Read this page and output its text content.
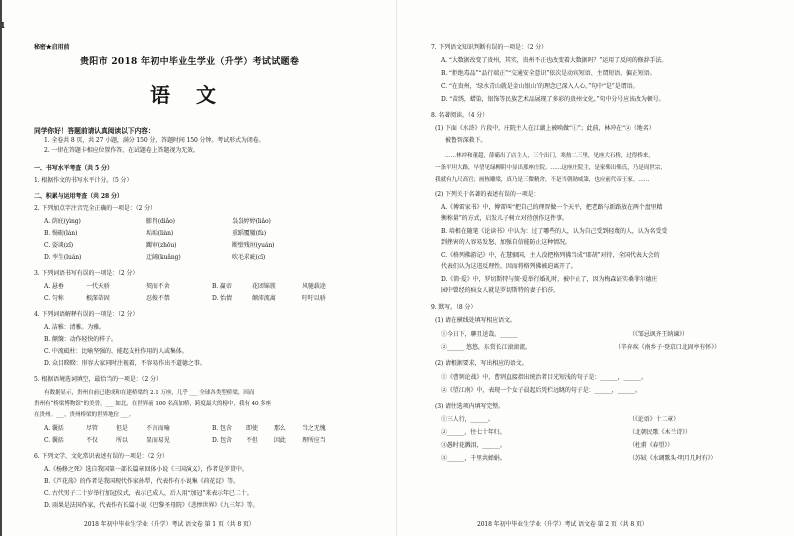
1
秘密★启用前
贵阳市 2018 年初中毕业生学业（升学）考试试题卷
语文
同学你好！答题前请认真阅读以下内容：
1. 全卷共 8 页，共 27 小题，满分 150 分，答题时间 150 分钟。考试形式为闭卷。
2. 一律在答题卡相应位置作答，在试题卷上答题视为无效。
一、书写水平考查（共 5 分）
1. 根据作文的书写水平计分。（5 分）
二、积累与运用考查（共 28 分）
2. 下列加点字注音完全正确的一项是：（2 分）
A. 荫庇(yìng)	膨肖(diǎo)	袅袅婷婷(liǎo)
B. 惕砺(lán)	垢垢(liàn)	重蹈覆辙(fù)
C. 姿谈(zǐ)	躅审(zhōu)	断壁残垣(yuán)
D. 孪生(luán)	迂阔(kuǎng)	吹毛求疵(cī)
3. 下列词语书写有误的一项是：（2 分）
A. 悬垂	一代天骄	契而不舍	B. 赢帝	花团锦簇	风驰载途
C. 匀称	根深蒂固	忍俊不禁	D. 怡情	颠沛流离	吁吁以骄
4. 下列词语解释有误的一项是：（2 分）
A. 洁雅：清雅。为雅。
B. 颠簸：动作轻快的样子。
C. 中流砥柱：比喻坚强的、能起支柱作用的人或集体。
D. 众目睽睽：形容大家同时注视着，不容易作出不道德之事。
5. 根据语境选词填空，最恰当的一项是：（2 分）
有数据显示，贵州自前已建成和在建桥梁约 2.1 万座，儿乎 ___ 全球各类型桥梁，因而
贵州有“桥梁博物馆”的美誉。___ 如北，在世界前 100 名高加桥，跨度最大的榜中，我有 40 多座
在贵州。___，贵州桥梁的世界地位 ___。
A. 囊括	尽管	但是	不言而喻	B. 包含 即使	那么	当之无愧
C. 囊括	不仅	所以	显而易见	D. 包含 不但	因此	理所应当
6. 下列文学、文化常识表述有误的一项是：（2 分）
A.《杨修之死》选自我国第一部长篇章回体小说《三国演义》，作者是罗贯中。
B.《芦花荡》的作者是我国现代作家孙犁，代表作有小说集《荷花淀》等。
C. 古代男子二十岁举行加冠仪式，表示已成人，后人用“加冠”来表示年已二十。
D. 雨果是法国作家，代表作有长篇小说《巴黎圣母院》《悲惨世界》《九三年》等。
2018 年初中毕业生学业（升学）考试 语文卷 第 1 页（共 8 页）
7. 下列语文知识判断有误的一项是：（2 分）
A. “大数据改变了贵州，其实，贵州不正也改变着大数据吗？”运用了反问的修辞手法。
B. “拒绝毒品”“品行端正”“交通安全意识”依次是动宾短语、主谓短语、偏正短语。
C. “在贵州，‘绿水青山就是金山银山’的理念已深入人心。”句中“是”是谓语。
D. “苗绣，蜡染，银饰等民族艺术品展现了多彩的贵州文化。”句中分号应该改为顿号。
8. 名著阅读。（4 分）
(1) 下面《水浒》片段中，庄院主人在江湖上被唤做“①”；此前，林冲在“②（地名）
被鲁智深救下。
……林冲和董超，薛霸出了店主人，三个出门，寒热二三里，见座大石桥，过得桥来，
一条平坦大路，早望见绿柳阴中显出那座庄院。……这座庄院主，是家柴出柴氏，乃是周世宗，
我就有九尺高官；画栋雕梁，真乃是三微精舍，不是当朝勋威第，也应前代帝王家。……
(2) 下列关于名著的表述有误的一项是：
A.《傅雷家书》中，傅雷叫“把自己的理智做一个天平，把老路与新路放在两个盘里精
衡称量”的方式，启发儿子树立对待创作这件事。
B. 培根在随笔《论读书》中认为：过了哪些的人，认为自己受到轻蔑的人，认为名受受
到挫害的人容易发怒，加强自信能防止这种情况。
C.《格列佛游记》中，在慧骃国，主人没把格列佛当成“耶胡”对待，全国代表大会的
代表们认为这违反理性，因而将格列佛被迫离开了。
D.《简·爱》中，罗切斯特与简·爱举行婚礼时，被中止了，因为梅森证实桑菲尔德庄
园中曾经的疯女人就是罗切斯特的妻子伯莎。
9. 默写。（8 分）
(1) 请在横线处填写相应语文。
①今日下，聊且送哉。______	（《邹忌讽齐王纳谏》）
②______ 悠悠，东赏长江滚滚流。	（辛弃疾《南乡子·登京口北固亭有怀》）
(2) 请根据要求，写出相应的语文。
①《曹刿论战》中，曹刿直接指出统治者目光短浅的句子是：______，______。
②《望江南》中，表现一个女子晨起后凭栏远眺的句子是：______，______。
(3) 请往选项内填写完整。
①三人行，______。	（《论语》十二章）
②______，往七十年归。	（北朝民歌《木兰诗》）
③愚时花溅泪，______。	（杜甫《春望》）
④______，千里共婵娟。	（苏轼《水调歌头·明月几时有》）
2018 年初中毕业生学业（升学）考试 语文卷 第 2 页（共 8 页）
